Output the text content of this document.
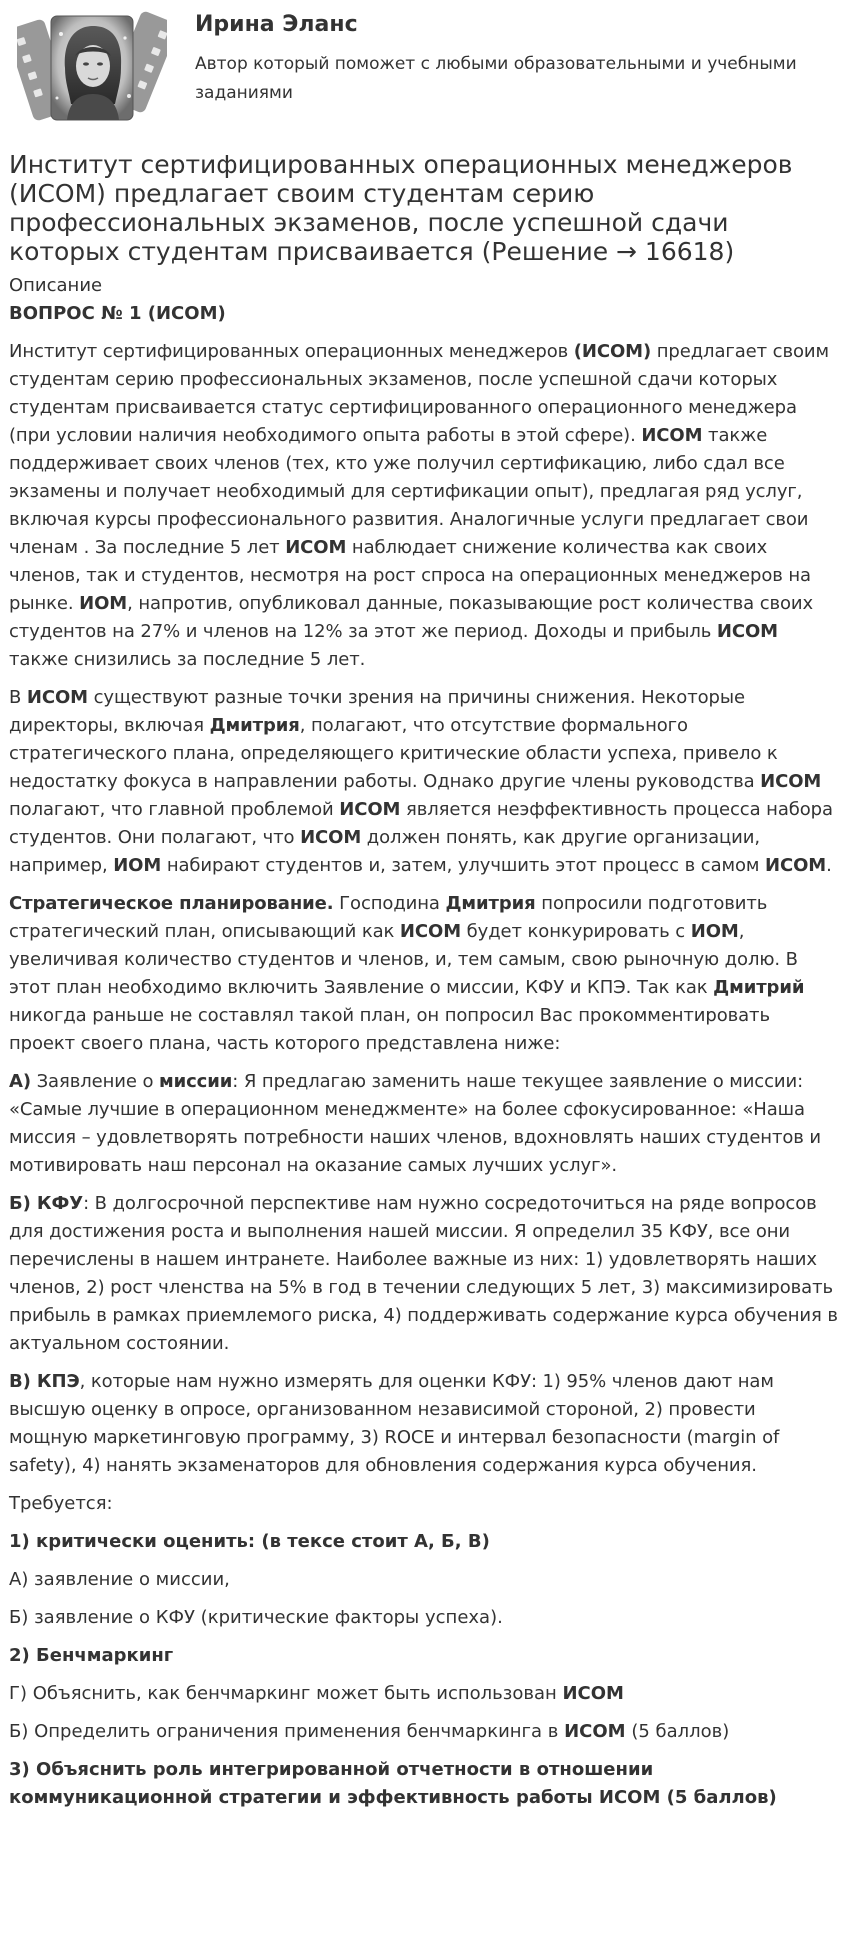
Ирина Эланс
Автор который поможет с любыми образовательными и учебными заданиями
Институт сертифицированных операционных менеджеров (ИСОМ) предлагает своим студентам серию профессиональных экзаменов, после успешной сдачи которых студентам присваивается (Решение → 16618)
Описание
ВОПРОС № 1 (ИСОМ)

Институт сертифицированных операционных менеджеров (ИСОМ) предлагает своим студентам серию профессиональных экзаменов, после успешной сдачи которых студентам присваивается статус сертифицированного операционного менеджера (при условии наличия необходимого опыта работы в этой сфере). ИСОМ также поддерживает своих членов (тех, кто уже получил сертификацию, либо сдал все экзамены и получает необходимый для сертификации опыт), предлагая ряд услуг, включая курсы профессионального развития. Аналогичные услуги предлагает свои членам . За последние 5 лет ИСОМ наблюдает снижение количества как своих членов, так и студентов, несмотря на рост спроса на операционных менеджеров на рынке. ИОМ, напротив, опубликовал данные, показывающие рост количества своих студентов на 27% и членов на 12% за этот же период. Доходы и прибыль ИСОМ также снизились за последние 5 лет.

В ИСОМ существуют разные точки зрения на причины снижения. Некоторые директоры, включая Дмитрия, полагают, что отсутствие формального стратегического плана, определяющего критические области успеха, привело к недостатку фокуса в направлении работы. Однако другие члены руководства ИСОМ полагают, что главной проблемой ИСОМ является неэффективность процесса набора студентов. Они полагают, что ИСОМ должен понять, как другие организации, например, ИОМ набирают студентов и, затем, улучшить этот процесс в самом ИСОМ.

Стратегическое планирование. Господина Дмитрия попросили подготовить стратегический план, описывающий как ИСОМ будет конкурировать с ИОМ, увеличивая количество студентов и членов, и, тем самым, свою рыночную долю. В этот план необходимо включить Заявление о миссии, КФУ и КПЭ. Так как Дмитрий никогда раньше не составлял такой план, он попросил Вас прокомментировать проект своего плана, часть которого представлена ниже:

А) Заявление о миссии: Я предлагаю заменить наше текущее заявление о миссии: «Самые лучшие в операционном менеджменте» на более сфокусированное: «Наша миссия – удовлетворять потребности наших членов, вдохновлять наших студентов и мотивировать наш персонал на оказание самых лучших услуг».

Б) КФУ: В долгосрочной перспективе нам нужно сосредоточиться на ряде вопросов для достижения роста и выполнения нашей миссии. Я определил 35 КФУ, все они перечислены в нашем интранете. Наиболее важные из них: 1) удовлетворять наших членов, 2) рост членства на 5% в год в течении следующих 5 лет, 3) максимизировать прибыль в рамках приемлемого риска, 4) поддерживать содержание курса обучения в актуальном состоянии.

В) КПЭ, которые нам нужно измерять для оценки КФУ: 1) 95% членов дают нам высшую оценку в опросе, организованном независимой стороной, 2) провести мощную маркетинговую программу, 3) ROCE и интервал безопасности (margin of safety), 4) нанять экзаменаторов для обновления содержания курса обучения.

Требуется:
1) критически оценить: (в тексе стоит А, Б, В)
А) заявление о миссии,
Б) заявление о КФУ (критические факторы успеха).
2) Бенчмаркинг
Г) Объяснить, как бенчмаркинг может быть использован ИСОМ
Б) Определить ограничения применения бенчмаркинга в ИСОМ (5 баллов)
3) Объяснить роль интегрированной отчетности в отношении коммуникационной стратегии и эффективность работы ИСОМ (5 баллов)
